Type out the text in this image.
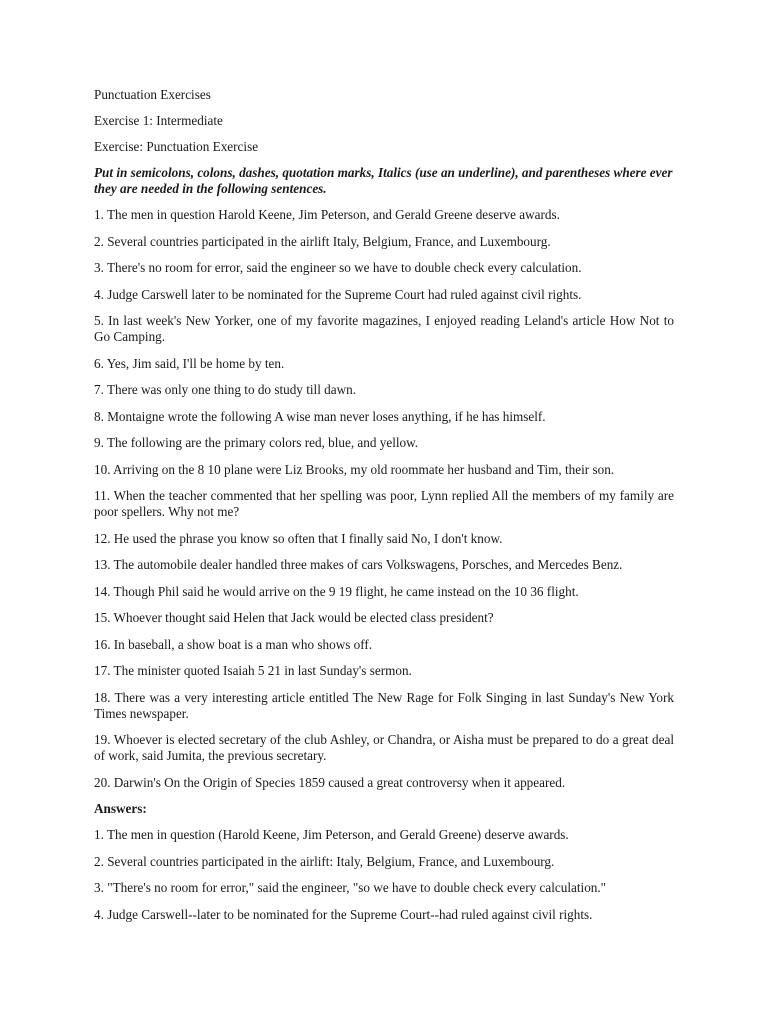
Punctuation Exercises

Exercise 1: Intermediate

Exercise: Punctuation Exercise

Put in semicolons, colons, dashes, quotation marks, Italics (use an underline), and parentheses where ever they are needed in the following sentences.

1. The men in question Harold Keene, Jim Peterson, and Gerald Greene deserve awards.

2. Several countries participated in the airlift Italy, Belgium, France, and Luxembourg.

3. There's no room for error, said the engineer so we have to double check every calculation.

4. Judge Carswell later to be nominated for the Supreme Court had ruled against civil rights.

5. In last week's New Yorker, one of my favorite magazines, I enjoyed reading Leland's article How Not to Go Camping.

6. Yes, Jim said, I'll be home by ten.

7. There was only one thing to do study till dawn.

8. Montaigne wrote the following A wise man never loses anything, if he has himself.

9. The following are the primary colors red, blue, and yellow.

10. Arriving on the 8 10 plane were Liz Brooks, my old roommate her husband and Tim, their son.

11. When the teacher commented that her spelling was poor, Lynn replied All the members of my family are poor spellers. Why not me?

12. He used the phrase you know so often that I finally said No, I don't know.

13. The automobile dealer handled three makes of cars Volkswagens, Porsches, and Mercedes Benz.

14. Though Phil said he would arrive on the 9 19 flight, he came instead on the 10 36 flight.

15. Whoever thought said Helen that Jack would be elected class president?

16. In baseball, a show boat is a man who shows off.

17. The minister quoted Isaiah 5 21 in last Sunday's sermon.

18. There was a very interesting article entitled The New Rage for Folk Singing in last Sunday's New York Times newspaper.

19. Whoever is elected secretary of the club Ashley, or Chandra, or Aisha must be prepared to do a great deal of work, said Jumita, the previous secretary.

20. Darwin's On the Origin of Species 1859 caused a great controversy when it appeared.

Answers:

1. The men in question (Harold Keene, Jim Peterson, and Gerald Greene) deserve awards.

2. Several countries participated in the airlift: Italy, Belgium, France, and Luxembourg.

3. "There's no room for error," said the engineer, "so we have to double check every calculation."

4. Judge Carswell--later to be nominated for the Supreme Court--had ruled against civil rights.
